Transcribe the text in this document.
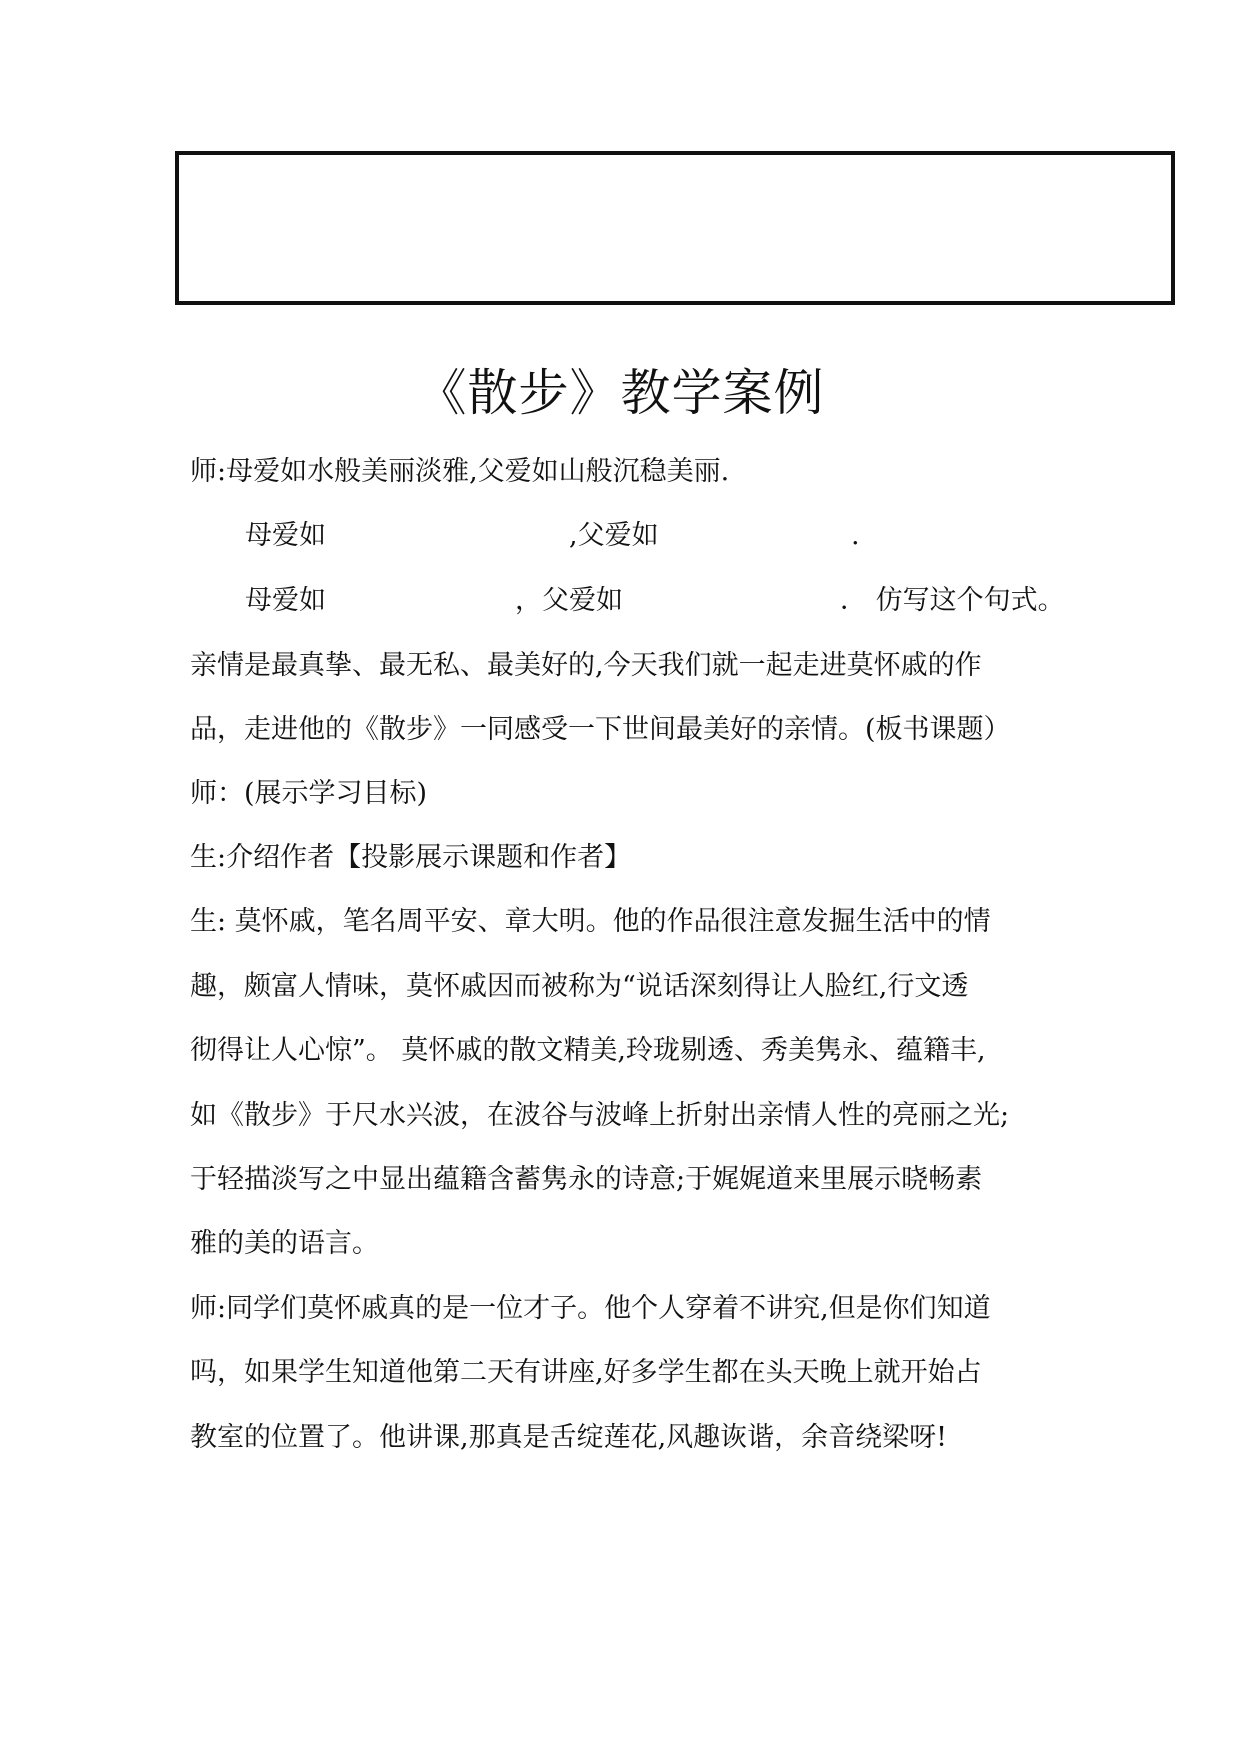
《散步》教学案例
师:母爱如水般美丽淡雅,父爱如山般沉稳美丽.
母爱如	,父爱如	.
母爱如	，父爱如	． 仿写这个句式。
亲情是最真挚、最无私、最美好的,今天我们就一起走进莫怀戚的作
品，走进他的《散步》一同感受一下世间最美好的亲情。(板书课题）
师：(展示学习目标)
生:介绍作者【投影展示课题和作者】
生: 莫怀戚，笔名周平安、章大明。他的作品很注意发掘生活中的情
趣，颇富人情味，莫怀戚因而被称为“说话深刻得让人脸红,行文透
彻得让人心惊”。 莫怀戚的散文精美,玲珑剔透、秀美隽永、蕴籍丰,
如《散步》于尺水兴波，在波谷与波峰上折射出亲情人性的亮丽之光;
于轻描淡写之中显出蕴籍含蓄隽永的诗意;于娓娓道来里展示晓畅素
雅的美的语言。
师:同学们莫怀戚真的是一位才子。他个人穿着不讲究,但是你们知道
吗，如果学生知道他第二天有讲座,好多学生都在头天晚上就开始占
教室的位置了。他讲课,那真是舌绽莲花,风趣诙谐，余音绕梁呀!
